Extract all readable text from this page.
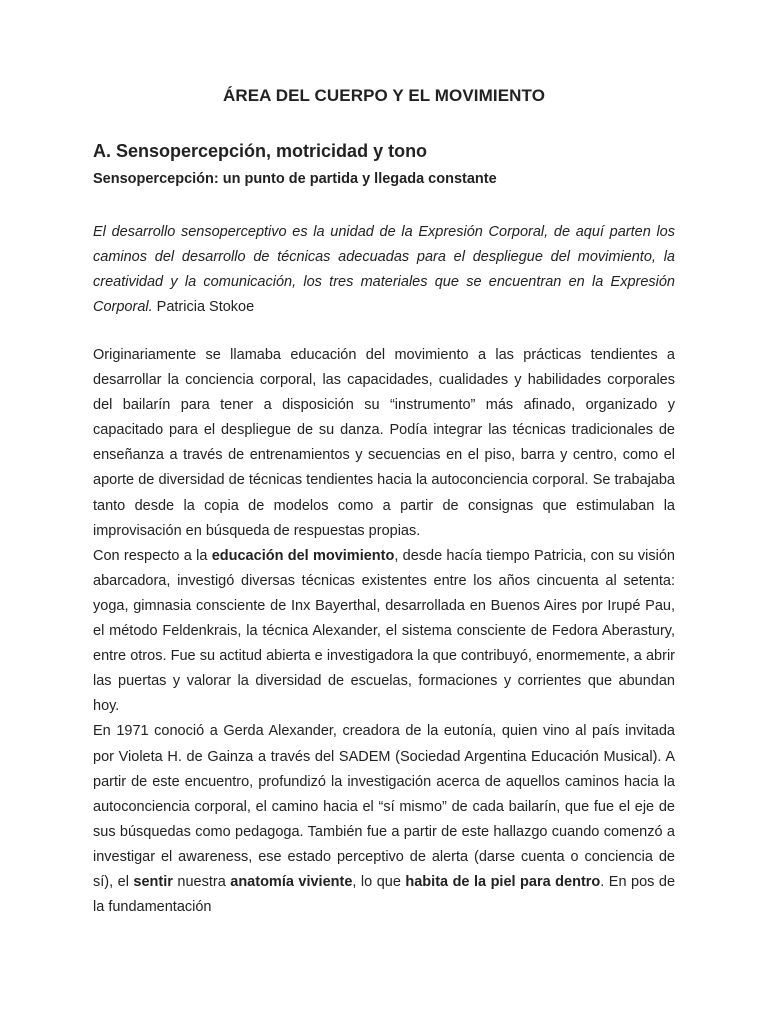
ÁREA DEL CUERPO Y EL MOVIMIENTO
A. Sensopercepción, motricidad y tono
Sensopercepción: un punto de partida y llegada constante

El desarrollo sensoperceptivo es la unidad de la Expresión Corporal, de aquí parten los caminos del desarrollo de técnicas adecuadas para el despliegue del movimiento, la creatividad y la comunicación, los tres materiales que se encuentran en la Expresión Corporal. Patricia Stokoe

Originariamente se llamaba educación del movimiento a las prácticas tendientes a desarrollar la conciencia corporal, las capacidades, cualidades y habilidades corporales del bailarín para tener a disposición su “instrumento” más afinado, organizado y capacitado para el despliegue de su danza. Podía integrar las técnicas tradicionales de enseñanza a través de entrenamientos y secuencias en el piso, barra y centro, como el aporte de diversidad de técnicas tendientes hacia la autoconciencia corporal. Se trabajaba tanto desde la copia de modelos como a partir de consignas que estimulaban la improvisación en búsqueda de respuestas propias.

Con respecto a la educación del movimiento, desde hacía tiempo Patricia, con su visión abarcadora, investigó diversas técnicas existentes entre los años cincuenta al setenta: yoga, gimnasia consciente de Inx Bayerthal, desarrollada en Buenos Aires por Irupé Pau, el método Feldenkrais, la técnica Alexander, el sistema consciente de Fedora Aberastury, entre otros. Fue su actitud abierta e investigadora la que contribuyó, enormemente, a abrir las puertas y valorar la diversidad de escuelas, formaciones y corrientes que abundan hoy.

En 1971 conoció a Gerda Alexander, creadora de la eutonía, quien vino al país invitada por Violeta H. de Gainza a través del SADEM (Sociedad Argentina Educación Musical). A partir de este encuentro, profundizó la investigación acerca de aquellos caminos hacia la autoconciencia corporal, el camino hacia el “sí mismo” de cada bailarín, que fue el eje de sus búsquedas como pedagoga. También fue a partir de este hallazgo cuando comenzó a investigar el awareness, ese estado perceptivo de alerta (darse cuenta o conciencia de sí), el sentir nuestra anatomía viviente, lo que habita de la piel para dentro. En pos de la fundamentación
